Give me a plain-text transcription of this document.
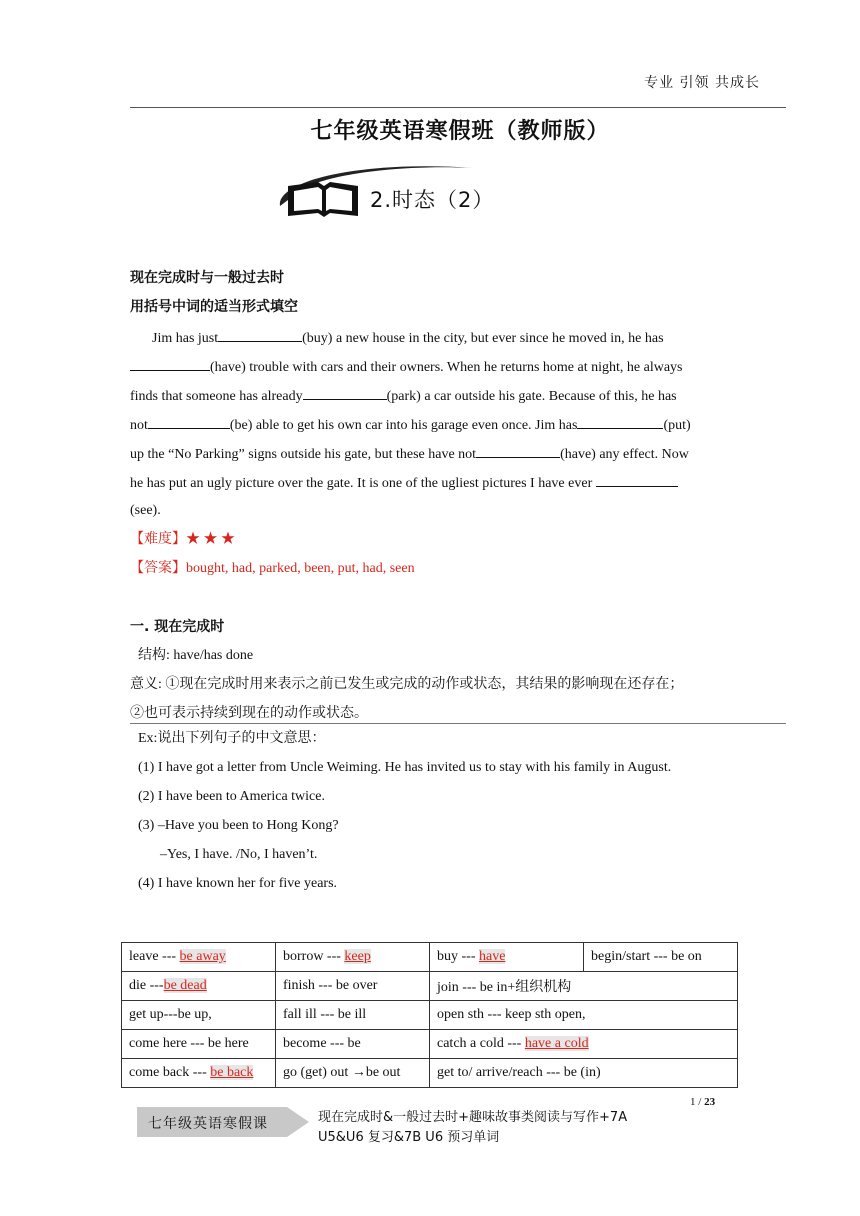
专业 引领 共成长
七年级英语寒假班（教师版）
2.时态（2）
现在完成时与一般过去时
用括号中词的适当形式填空
Jim has just	(buy) a new house in the city, but ever since he moved in, he has
(have) trouble with cars and their owners. When he returns home at night, he always
finds that someone has already	(park) a car outside his gate. Because of this, he has
not	(be) able to get his own car into his garage even once. Jim has	(put)
up the “No Parking” signs outside his gate, but these have not	(have) any effect. Now
he has put an ugly picture over the gate. It is one of the ugliest pictures I have ever
(see).
【难度】★ ★ ★
【答案】bought, had, parked, been, put, had, seen
一. 现在完成时
结构: have/has done
意义: ①现在完成时用来表示之前已发生或完成的动作或状态，其结果的影响现在还存在；
②也可表示持续到现在的动作或状态。
Ex:说出下列句子的中文意思：
(1) I have got a letter from Uncle Weiming. He has invited us to stay with his family in August.
(2) I have been to America twice.
(3) –Have you been to Hong Kong?
–Yes, I have. /No, I haven’t.
(4) I have known her for five years.
leave --- be away	borrow --- keep	buy --- have	begin/start --- be on
die ---be dead	finish --- be over	join --- be in+组织机构	
get up---be up,	fall ill --- be ill	open sth --- keep sth open,	
come here --- be here	become --- be	catch a cold --- have a cold	
come back --- be back	go (get) out →be out	get to/ arrive/reach --- be (in)	
七年级英语寒假课	现在完成时&一般过去时+趣味故事类阅读与写作+7A
U5&U6 复习&7B U6 预习单词
1 / 23
